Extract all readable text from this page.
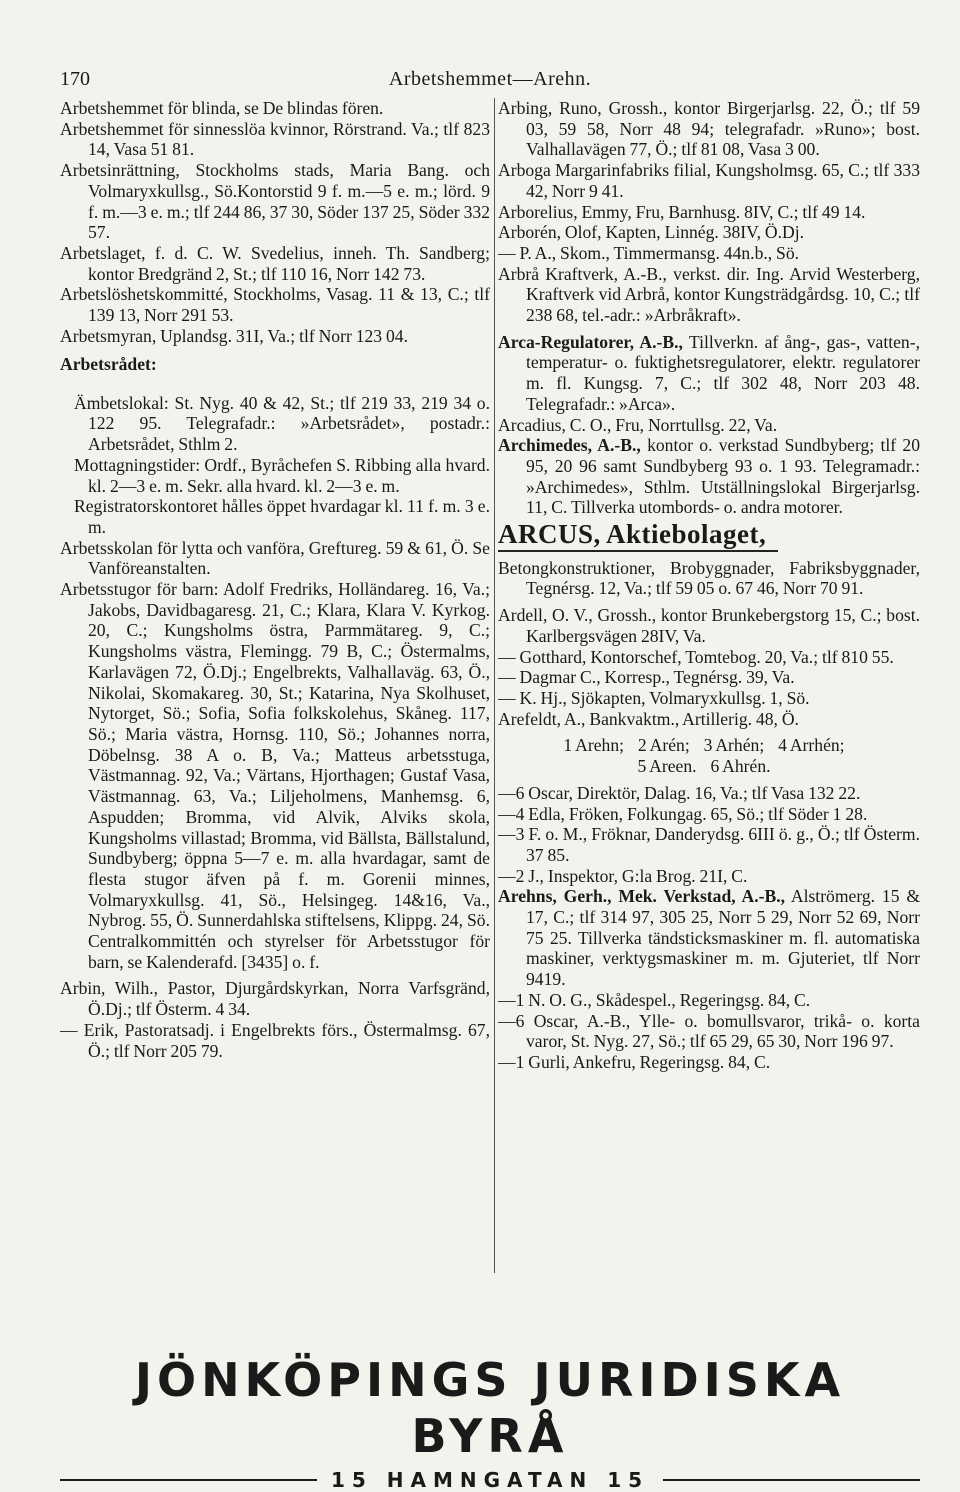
170	Arbetshemmet—Arehn.

Arbetshemmet för blinda, se De blindas fören.

Arbetshemmet för sinnesslöa kvinnor, Rörstrand. Va.; tlf 823 14, Vasa 51 81.

Arbetsinrättning, Stockholms stads, Maria Bang. och Volmaryxkullsg., Sö.Kontorstid 9 f. m.—5 e. m.; lörd. 9 f. m.—3 e. m.; tlf 244 86, 37 30, Söder 137 25, Söder 332 57.

Arbetslaget, f. d. C. W. Svedelius, inneh. Th. Sandberg; kontor Bredgränd 2, St.; tlf 110 16, Norr 142 73.

Arbetslöshetskommitté, Stockholms, Vasag. 11 & 13, C.; tlf 139 13, Norr 291 53.

Arbetsmyran, Uplandsg. 31I, Va.; tlf Norr 123 04.

Arbetsrådet:

Ämbetslokal: St. Nyg. 40 & 42, St.; tlf 219 33, 219 34 o. 122 95. Telegrafadr.: »Arbetsrådet», postadr.: Arbetsrådet, Sthlm 2.

Mottagningstider: Ordf., Byråchefen S. Ribbing alla hvard. kl. 2—3 e. m. Sekr. alla hvard. kl. 2—3 e. m.

Registratorskontoret hålles öppet hvardagar kl. 11 f. m. 3 e. m.

Arbetsskolan för lytta och vanföra, Greftureg. 59 & 61, Ö. Se Vanföreanstalten.

Arbetsstugor för barn: Adolf Fredriks, Holländareg. 16, Va.; Jakobs, Davidbagaresg. 21, C.; Klara, Klara V. Kyrkog. 20, C.; Kungsholms östra, Parmmätareg. 9, C.; Kungsholms västra, Flemingg. 79 B, C.; Östermalms, Karlavägen 72, Ö.Dj.; Engelbrekts, Valhallaväg. 63, Ö., Nikolai, Skomakareg. 30, St.; Katarina, Nya Skolhuset, Nytorget, Sö.; Sofia, Sofia folkskolehus, Skåneg. 117, Sö.; Maria västra, Hornsg. 110, Sö.; Johannes norra, Döbelnsg. 38 A o. B, Va.; Matteus arbetsstuga, Västmannag. 92, Va.; Värtans, Hjorthagen; Gustaf Vasa, Västmannag. 63, Va.; Liljeholmens, Manhemsg. 6, Aspudden; Bromma, vid Alvik, Alviks skola, Kungsholms villastad; Bromma, vid Bällsta, Bällstalund, Sundbyberg; öppna 5—7 e. m. alla hvardagar, samt de flesta stugor äfven på f. m. Gorenii minnes, Volmaryxkullsg. 41, Sö., Helsingeg. 14&16, Va., Nybrog. 55, Ö. Sunnerdahlska stiftelsens, Klippg. 24, Sö. Centralkommittén och styrelser för Arbetsstugor för barn, se Kalenderafd. [3435] o. f.

Arbin, Wilh., Pastor, Djurgårdskyrkan, Norra Varfsgränd, Ö.Dj.; tlf Österm. 4 34.

— Erik, Pastoratsadj. i Engelbrekts förs., Östermalmsg. 67, Ö.; tlf Norr 205 79.

Arbing, Runo, Grossh., kontor Birgerjarlsg. 22, Ö.; tlf 59 03, 59 58, Norr 48 94; telegrafadr. »Runo»; bost. Valhallavägen 77, Ö.; tlf 81 08, Vasa 3 00.

Arboga Margarinfabriks filial, Kungsholmsg. 65, C.; tlf 333 42, Norr 9 41.

Arborelius, Emmy, Fru, Barnhusg. 8IV, C.; tlf 49 14.

Arborén, Olof, Kapten, Linnég. 38IV, Ö.Dj.

— P. A., Skom., Timmermansg. 44n.b., Sö.

Arbrå Kraftverk, A.-B., verkst. dir. Ing. Arvid Westerberg, Kraftverk vid Arbrå, kontor Kungsträdgårdsg. 10, C.; tlf 238 68, tel.-adr.: »Arbråkraft».

Arca-Regulatorer, A.-B., Tillverkn. af ång-, gas-, vatten-, temperatur- o. fuktighetsregulatorer, elektr. regulatorer m. fl. Kungsg. 7, C.; tlf 302 48, Norr 203 48. Telegrafadr.: »Arca».

Arcadius, C. O., Fru, Norrtullsg. 22, Va.

Archimedes, A.-B., kontor o. verkstad Sundbyberg; tlf 20 95, 20 96 samt Sundbyberg 93 o. 1 93. Telegramadr.: »Archimedes», Sthlm. Utställningslokal Birgerjarlsg. 11, C. Tillverka utombords- o. andra motorer.

ARCUS, Aktiebolaget,

Betongkonstruktioner, Brobyggnader, Fabriksbyggnader, Tegnérsg. 12, Va.; tlf 59 05 o. 67 46, Norr 70 91.

Ardell, O. V., Grossh., kontor Brunkebergstorg 15, C.; bost. Karlbergsvägen 28IV, Va.

— Gotthard, Kontorschef, Tomtebog. 20, Va.; tlf 810 55.

— Dagmar C., Korresp., Tegnérsg. 39, Va.

— K. Hj., Sjökapten, Volmaryxkullsg. 1, Sö.

Arefeldt, A., Bankvaktm., Artillerig. 48, Ö.

1 Arehn; 2 Arén; 3 Arhén; 4 Arrhén;
5 Areen. 6 Ahrén.

—6 Oscar, Direktör, Dalag. 16, Va.; tlf Vasa 132 22.

—4 Edla, Fröken, Folkungag. 65, Sö.; tlf Söder 1 28.

—3 F. o. M., Fröknar, Danderydsg. 6III ö. g., Ö.; tlf Österm. 37 85.

—2 J., Inspektor, G:la Brog. 21I, C.

Arehns, Gerh., Mek. Verkstad, A.-B., Alströmerg. 15 & 17, C.; tlf 314 97, 305 25, Norr 5 29, Norr 52 69, Norr 75 25. Tillverka tändsticksmaskiner m. fl. automatiska maskiner, verktygsmaskiner m. m. Gjuteriet, tlf Norr 9419.

—1 N. O. G., Skådespel., Regeringsg. 84, C.

—6 Oscar, A.-B., Ylle- o. bomullsvaror, trikå- o. korta varor, St. Nyg. 27, Sö.; tlf 65 29, 65 30, Norr 196 97.

—1 Gurli, Ankefru, Regeringsg. 84, C.

JÖNKÖPINGS JURIDISKA BYRÅ
15 HAMNGATAN 15
